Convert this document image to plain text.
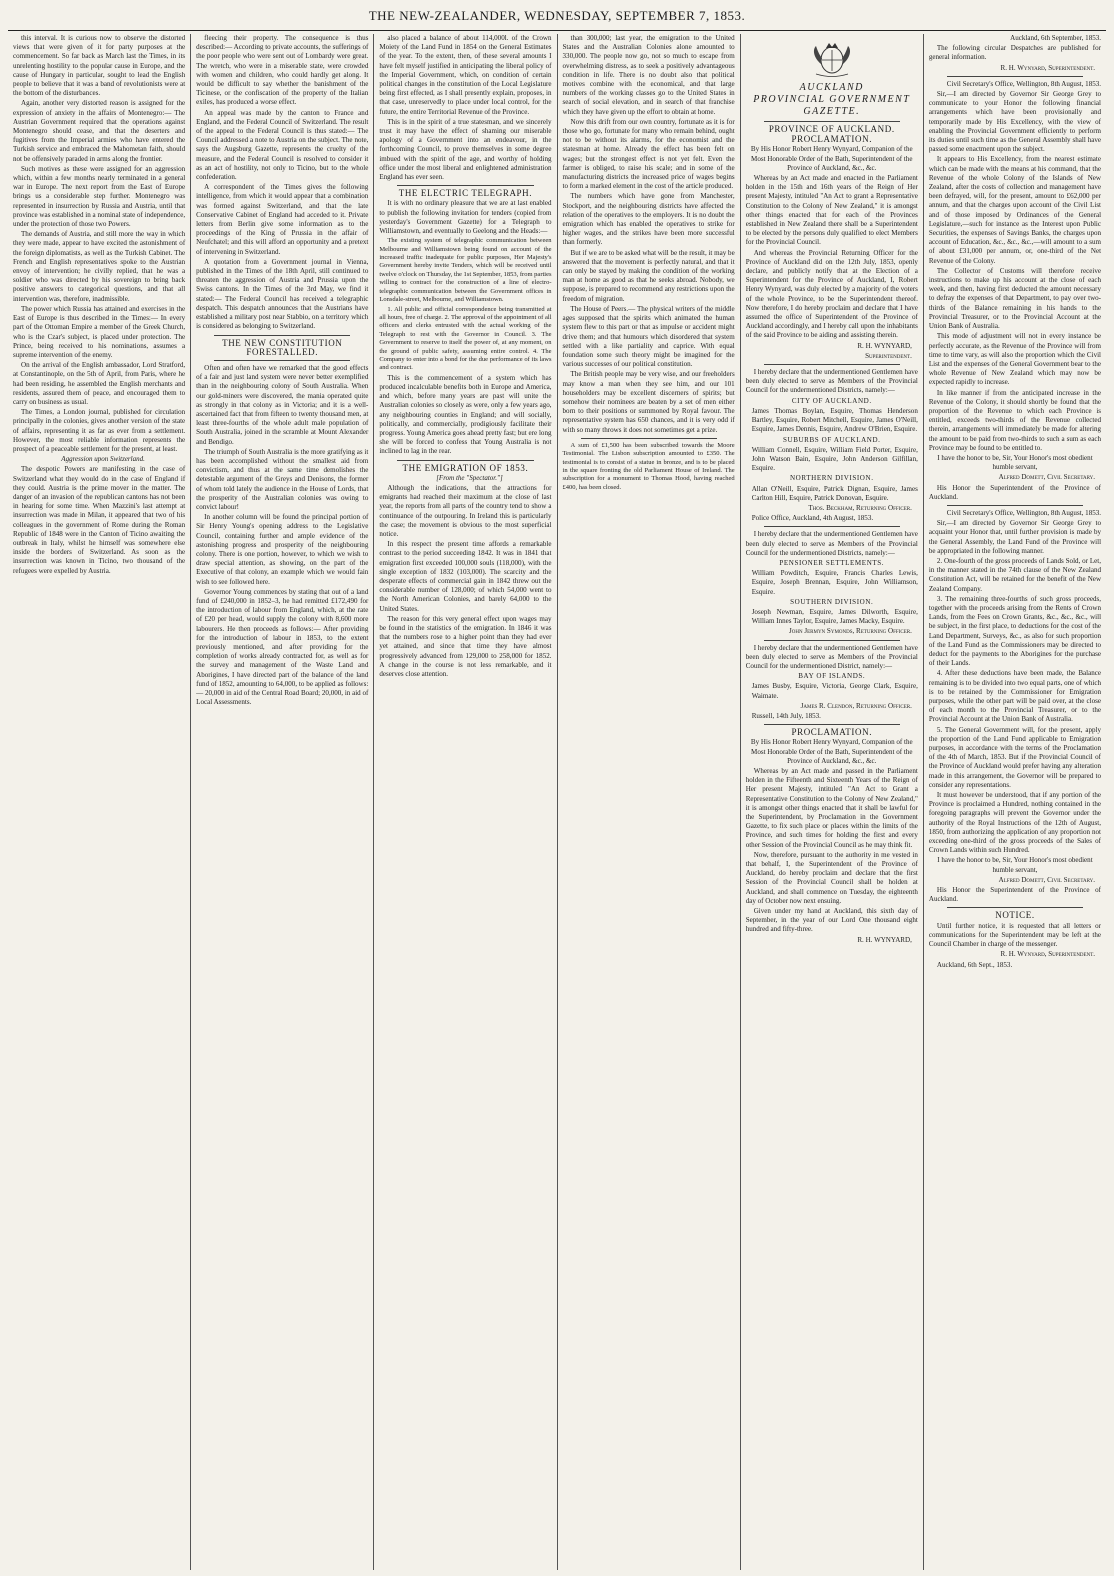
THE NEW-ZEALANDER, WEDNESDAY, SEPTEMBER 7, 1853.

this interval. It is curious now to observe the distorted views that were given of it for party purposes at the commencement. So far back as March last the Times, in its unrelenting hostility to the popular cause in Europe, and the cause of Hungary in particular, sought to lead the English people to believe that it was a band of revolutionists were at the bottom of the disturbances.

Again, another very distorted reason is assigned for the expression of anxiety in the affairs of Montenegro:— The Austrian Government required that the operations against Montenegro should cease, and that the deserters and fugitives from the Imperial armies who have entered the Turkish service and embraced the Mahometan faith, should not be offensively paraded in arms along the frontier.

Such motives as these were assigned for an aggression which, within a few months nearly terminated in a general war in Europe. The next report from the East of Europe brings us a considerable step further. Montenegro was represented in insurrection by Russia and Austria, until that province was established in a nominal state of independence, under the protection of those two Powers.

The demands of Austria, and still more the way in which they were made, appear to have excited the astonishment of the foreign diplomatists, as well as the Turkish Cabinet. The French and English representatives spoke to the Austrian envoy of intervention; he civilly replied, that he was a soldier who was directed by his sovereign to bring back positive answers to categorical questions, and that all intervention was, therefore, inadmissible.

The power which Russia has attained and exercises in the East of Europe is thus described in the Times:— In every part of the Ottoman Empire a member of the Greek Church, who is the Czar's subject, is placed under protection. The Prince, being received to his nominations, assumes a supreme intervention of the enemy.

On the arrival of the English ambassador, Lord Stratford, at Constantinople, on the 5th of April, from Paris, where he had been residing, he assembled the English merchants and residents, assured them of peace, and encouraged them to carry on business as usual.

The Times, a London journal, published for circulation principally in the colonies, gives another version of the state of affairs, representing it as far as ever from a settlement. However, the most reliable information represents the prospect of a peaceable settlement for the present, at least.

Aggression upon Switzerland.

The despotic Powers are manifesting in the case of Switzerland what they would do in the case of England if they could. Austria is the prime mover in the matter. The danger of an invasion of the republican cantons has not been in hearing for some time. When Mazzini's last attempt at insurrection was made in Milan, it appeared that two of his colleagues in the government of Rome during the Roman Republic of 1848 were in the Canton of Ticino awaiting the outbreak in Italy, whilst he himself was somewhere else inside the borders of Switzerland. As soon as the insurrection was known in Ticino, two thousand of the refugees were expelled by Austria.

fleecing their property. The consequence is thus described:— According to private accounts, the sufferings of the poor people who were sent out of Lombardy were great. The wretch, who were in a miserable state, were crowded with women and children, who could hardly get along. It would be difficult to say whether the banishment of the Ticinese, or the confiscation of the property of the Italian exiles, has produced a worse effect.

An appeal was made by the canton to France and England, and the Federal Council of Switzerland. The result of the appeal to the Federal Council is thus stated:— The Council addressed a note to Austria on the subject. The note, says the Augsburg Gazette, represents the cruelty of the measure, and the Federal Council is resolved to consider it as an act of hostility, not only to Ticino, but to the whole confederation.

A correspondent of the Times gives the following intelligence, from which it would appear that a combination was formed against Switzerland, and that the late Conservative Cabinet of England had acceded to it. Private letters from Berlin give some information as to the proceedings of the King of Prussia in the affair of Neufchatel; and this will afford an opportunity and a pretext of intervening in Switzerland.

A quotation from a Government journal in Vienna, published in the Times of the 18th April, still continued to threaten the aggression of Austria and Prussia upon the Swiss cantons. In the Times of the 3rd May, we find it stated:— The Federal Council has received a telegraphic despatch. This despatch announces that the Austrians have established a military post near Stabbio, on a territory which is considered as belonging to Switzerland.

THE NEW CONSTITUTION FORESTALLED.

Often and often have we remarked that the good effects of a fair and just land system were never better exemplified than in the neighbouring colony of South Australia. When our gold-miners were discovered, the mania operated quite as strongly in that colony as in Victoria; and it is a well-ascertained fact that from fifteen to twenty thousand men, at least three-fourths of the whole adult male population of South Australia, joined in the scramble at Mount Alexander and Bendigo.

The triumph of South Australia is the more gratifying as it has been accomplished without the smallest aid from convictism, and thus at the same time demolishes the detestable argument of the Greys and Denisons, the former of whom told lately the audience in the House of Lords, that the prosperity of the Australian colonies was owing to convict labour!

In another column will be found the principal portion of Sir Henry Young's opening address to the Legislative Council, containing further and ample evidence of the astonishing progress and prosperity of the neighbouring colony. There is one portion, however, to which we wish to draw special attention, as showing, on the part of the Executive of that colony, an example which we would fain wish to see followed here.

Governor Young commences by stating that out of a land fund of £240,000 in 1852–3, he had remitted £172,490 for the introduction of labour from England, which, at the rate of £20 per head, would supply the colony with 8,600 more labourers. He then proceeds as follows:— After providing for the introduction of labour in 1853, to the extent previously mentioned, and after providing for the completion of works already contracted for, as well as for the survey and management of the Waste Land and Aborigines, I have directed part of the balance of the land fund of 1852, amounting to 64,000, to be applied as follows:— 20,000 in aid of the Central Road Board; 20,000, in aid of Local Assessments.

also placed a balance of about 114,000l. of the Crown Moiety of the Land Fund in 1854 on the General Estimates of the year. To the extent, then, of these several amounts I have felt myself justified in anticipating the liberal policy of the Imperial Government, which, on condition of certain political changes in the constitution of the Local Legislature being first effected, as I shall presently explain, proposes, in that case, unreservedly to place under local control, for the future, the entire Territorial Revenue of the Province.

This is in the spirit of a true statesman, and we sincerely trust it may have the effect of shaming our miserable apology of a Government into an endeavour, in the forthcoming Council, to prove themselves in some degree imbued with the spirit of the age, and worthy of holding office under the most liberal and enlightened administration England has ever seen.

THE ELECTRIC TELEGRAPH.

It is with no ordinary pleasure that we are at last enabled to publish the following invitation for tenders (copied from yesterday's Government Gazette) for a Telegraph to Williamstown, and eventually to Geelong and the Heads:—

The existing system of telegraphic communication between Melbourne and Williamstown being found on account of the increased traffic inadequate for public purposes, Her Majesty's Government hereby invite Tenders, which will be received until twelve o'clock on Thursday, the 1st September, 1853, from parties willing to contract for the construction of a line of electro-telegraphic communication between the Government offices in Lonsdale-street, Melbourne, and Williamstown.

1. All public and official correspondence being transmitted at all hours, free of charge. 2. The approval of the appointment of all officers and clerks entrusted with the actual working of the Telegraph to rest with the Governor in Council. 3. The Government to reserve to itself the power of, at any moment, on the ground of public safety, assuming entire control. 4. The Company to enter into a bond for the due performance of its laws and contract.

This is the commencement of a system which has produced incalculable benefits both in Europe and America, and which, before many years are past will unite the Australian colonies so closely as were, only a few years ago, any neighbouring counties in England; and will socially, politically, and commercially, prodigiously facilitate their progress. Young America goes ahead pretty fast; but ere long she will be forced to confess that Young Australia is not inclined to lag in the rear.

THE EMIGRATION OF 1853.

[From the "Spectator."]

Although the indications, that the attractions for emigrants had reached their maximum at the close of last year, the reports from all parts of the country tend to show a continuance of the outpouring. In Ireland this is particularly the case; the movement is obvious to the most superficial notice.

In this respect the present time affords a remarkable contrast to the period succeeding 1842. It was in 1841 that emigration first exceeded 100,000 souls (118,000), with the single exception of 1832 (103,000). The scarcity and the desperate effects of commercial gain in 1842 threw out the considerable number of 128,000; of which 54,000 went to the North American Colonies, and barely 64,000 to the United States.

The reason for this very general effect upon wages may be found in the statistics of the emigration. In 1846 it was that the numbers rose to a higher point than they had ever yet attained, and since that time they have almost progressively advanced from 129,000 to 258,000 for 1852. A change in the course is not less remarkable, and it deserves close attention.

than 300,000; last year, the emigration to the United States and the Australian Colonies alone amounted to 330,000. The people now go, not so much to escape from overwhelming distress, as to seek a positively advantageous condition in life. There is no doubt also that political motives combine with the economical, and that large numbers of the working classes go to the United States in search of social elevation, and in search of that franchise which they have given up the effort to obtain at home.

Now this drift from our own country, fortunate as it is for those who go, fortunate for many who remain behind, ought not to be without its alarms, for the economist and the statesman at home. Already the effect has been felt on wages; but the strongest effect is not yet felt. Even the farmer is obliged, to raise his scale; and in some of the manufacturing districts the increased price of wages begins to form a marked element in the cost of the article produced.

The numbers which have gone from Manchester, Stockport, and the neighbouring districts have affected the relation of the operatives to the employers. It is no doubt the emigration which has enabled the operatives to strike for higher wages, and the strikes have been more successful than formerly.

But if we are to be asked what will be the result, it may be answered that the movement is perfectly natural, and that it can only be stayed by making the condition of the working man at home as good as that he seeks abroad. Nobody, we suppose, is prepared to recommend any restrictions upon the freedom of migration.

The House of Peers.— The physical writers of the middle ages supposed that the spirits which animated the human system flew to this part or that as impulse or accident might drive them; and that humours which disordered that system settled with a like partiality and caprice. With equal foundation some such theory might be imagined for the various successes of our political constitution.

The British people may be very wise, and our freeholders may know a man when they see him, and our 101 householders may be excellent discerners of spirits; but somehow their nominees are beaten by a set of men either born to their positions or summoned by Royal favour. The representative system has 650 chances, and it is very odd if with so many throws it does not sometimes get a prize.

A sum of £1,500 has been subscribed towards the Moore Testimonial. The Lisbon subscription amounted to £350. The testimonial is to consist of a statue in bronze, and is to be placed in the square fronting the old Parliament House of Ireland. The subscription for a monument to Thomas Hood, having reached £400, has been closed.

AUCKLAND
PROVINCIAL GOVERNMENT
GAZETTE.

PROVINCE OF AUCKLAND.

PROCLAMATION.

By His Honor Robert Henry Wynyard, Companion of the Most Honorable Order of the Bath, Superintendent of the Province of Auckland, &c., &c.

Whereas by an Act made and enacted in the Parliament holden in the 15th and 16th years of the Reign of Her present Majesty, intituled "An Act to grant a Representative Constitution to the Colony of New Zealand," it is amongst other things enacted that for each of the Provinces established in New Zealand there shall be a Superintendent to be elected by the persons duly qualified to elect Members for the Provincial Council.

And whereas the Provincial Returning Officer for the Province of Auckland did on the 12th July, 1853, openly declare, and publicly notify that at the Election of a Superintendent for the Province of Auckland, I, Robert Henry Wynyard, was duly elected by a majority of the voters of the whole Province, to be the Superintendent thereof. Now therefore, I do hereby proclaim and declare that I have assumed the office of Superintendent of the Province of Auckland accordingly, and I hereby call upon the inhabitants of the said Province to be aiding and assisting therein.

R. H. WYNYARD,

Superintendent.

I hereby declare that the undermentioned Gentlemen have been duly elected to serve as Members of the Provincial Council for the undermentioned Districts, namely:—

CITY OF AUCKLAND.

James Thomas Boylan, Esquire, Thomas Henderson Bartley, Esquire, Robert Mitchell, Esquire, James O'Neill, Esquire, James Dennis, Esquire, Andrew O'Brien, Esquire.

SUBURBS OF AUCKLAND.

William Connell, Esquire, William Field Porter, Esquire, John Watson Bain, Esquire, John Anderson Gilfillan, Esquire.

NORTHERN DIVISION.

Allan O'Neill, Esquire, Patrick Dignan, Esquire, James Carlton Hill, Esquire, Patrick Donovan, Esquire.

Thos. Beckham, Returning Officer.

Police Office, Auckland, 4th August, 1853.

I hereby declare that the undermentioned Gentlemen have been duly elected to serve as Members of the Provincial Council for the undermentioned Districts, namely:—

PENSIONER SETTLEMENTS.

William Powditch, Esquire, Francis Charles Lewis, Esquire, Joseph Brennan, Esquire, John Williamson, Esquire.

SOUTHERN DIVISION.

Joseph Newman, Esquire, James Dilworth, Esquire, William Innes Taylor, Esquire, James Macky, Esquire.

John Jermyn Symonds, Returning Officer.

I hereby declare that the undermentioned Gentlemen have been duly elected to serve as Members of the Provincial Council for the undermentioned District, namely:—

BAY OF ISLANDS.

James Busby, Esquire, Victoria, George Clark, Esquire, Waimate.

James R. Clendon, Returning Officer.

Russell, 14th July, 1853.

PROCLAMATION.

By His Honor Robert Henry Wynyard, Companion of the Most Honorable Order of the Bath, Superintendent of the Province of Auckland, &c., &c.

Whereas by an Act made and passed in the Parliament holden in the Fifteenth and Sixteenth Years of the Reign of Her present Majesty, intituled "An Act to Grant a Representative Constitution to the Colony of New Zealand," it is amongst other things enacted that it shall be lawful for the Superintendent, by Proclamation in the Government Gazette, to fix such place or places within the limits of the Province, and such times for holding the first and every other Session of the Provincial Council as he may think fit.

Now, therefore, pursuant to the authority in me vested in that behalf, I, the Superintendent of the Province of Auckland, do hereby proclaim and declare that the first Session of the Provincial Council shall be holden at Auckland, and shall commence on Tuesday, the eighteenth day of October now next ensuing.

Given under my hand at Auckland, this sixth day of September, in the year of our Lord One thousand eight hundred and fifty-three.

R. H. WYNYARD,

Auckland, 6th September, 1853.

The following circular Despatches are published for general information.

R. H. Wynyard, Superintendent.

Civil Secretary's Office, Wellington, 8th August, 1853.

Sir,—I am directed by Governor Sir George Grey to communicate to your Honor the following financial arrangements which have been provisionally and temporarily made by His Excellency, with the view of enabling the Provincial Government efficiently to perform its duties until such time as the General Assembly shall have passed some enactment upon the subject.

It appears to His Excellency, from the nearest estimate which can be made with the means at his command, that the Revenue of the whole Colony of the Islands of New Zealand, after the costs of collection and management have been defrayed, will, for the present, amount to £62,000 per annum, and that the charges upon account of the Civil List and of those imposed by Ordinances of the General Legislature,—such for instance as the Interest upon Public Securities, the expenses of Savings Banks, the charges upon account of Education, &c., &c., &c.,—will amount to a sum of about £31,000 per annum, or, one-third of the Net Revenue of the Colony.

The Collector of Customs will therefore receive instructions to make up his account at the close of each week, and then, having first deducted the amount necessary to defray the expenses of that Department, to pay over two-thirds of the Balance remaining in his hands to the Provincial Treasurer, or to the Provincial Account at the Union Bank of Australia.

This mode of adjustment will not in every instance be perfectly accurate, as the Revenue of the Province will from time to time vary, as will also the proportion which the Civil List and the expenses of the General Government bear to the whole Revenue of New Zealand which may now be expected rapidly to increase.

In like manner if from the anticipated increase in the Revenue of the Colony, it should shortly be found that the proportion of the Revenue to which each Province is entitled, exceeds two-thirds of the Revenue collected therein, arrangements will immediately be made for altering the amount to be paid from two-thirds to such a sum as each Province may be found to be entitled to.

I have the honor to be, Sir, Your Honor's most obedient humble servant,

Alfred Domett, Civil Secretary.

His Honor the Superintendent of the Province of Auckland.

Civil Secretary's Office, Wellington, 8th August, 1853.

Sir,—I am directed by Governor Sir George Grey to acquaint your Honor that, until further provision is made by the General Assembly, the Land Fund of the Province will be appropriated in the following manner.

2. One-fourth of the gross proceeds of Lands Sold, or Let, in the manner stated in the 74th clause of the New Zealand Constitution Act, will be retained for the benefit of the New Zealand Company.

3. The remaining three-fourths of such gross proceeds, together with the proceeds arising from the Rents of Crown Lands, from the Fees on Crown Grants, &c., &c., &c., will be subject, in the first place, to deductions for the cost of the Land Department, Surveys, &c., as also for such proportion of the Land Fund as the Commissioners may be directed to deduct for the payments to the Aborigines for the purchase of their Lands.

4. After these deductions have been made, the Balance remaining is to be divided into two equal parts, one of which is to be retained by the Commissioner for Emigration purposes, while the other part will be paid over, at the close of each month to the Provincial Treasurer, or to the Provincial Account at the Union Bank of Australia.

5. The General Government will, for the present, apply the proportion of the Land Fund applicable to Emigration purposes, in accordance with the terms of the Proclamation of the 4th of March, 1853. But if the Provincial Council of the Province of Auckland would prefer having any alteration made in this arrangement, the Governor will be prepared to consider any representations.

It must however be understood, that if any portion of the Province is proclaimed a Hundred, nothing contained in the foregoing paragraphs will prevent the Governor under the authority of the Royal Instructions of the 12th of August, 1850, from authorizing the application of any proportion not exceeding one-third of the gross proceeds of the Sales of Crown Lands within such Hundred.

I have the honor to be, Sir, Your Honor's most obedient humble servant,

Alfred Domett, Civil Secretary.

His Honor the Superintendent of the Province of Auckland.

NOTICE.

Until further notice, it is requested that all letters or communications for the Superintendent may be left at the Council Chamber in charge of the messenger.

R. H. Wynyard, Superintendent.

Auckland, 6th Sept., 1853.
